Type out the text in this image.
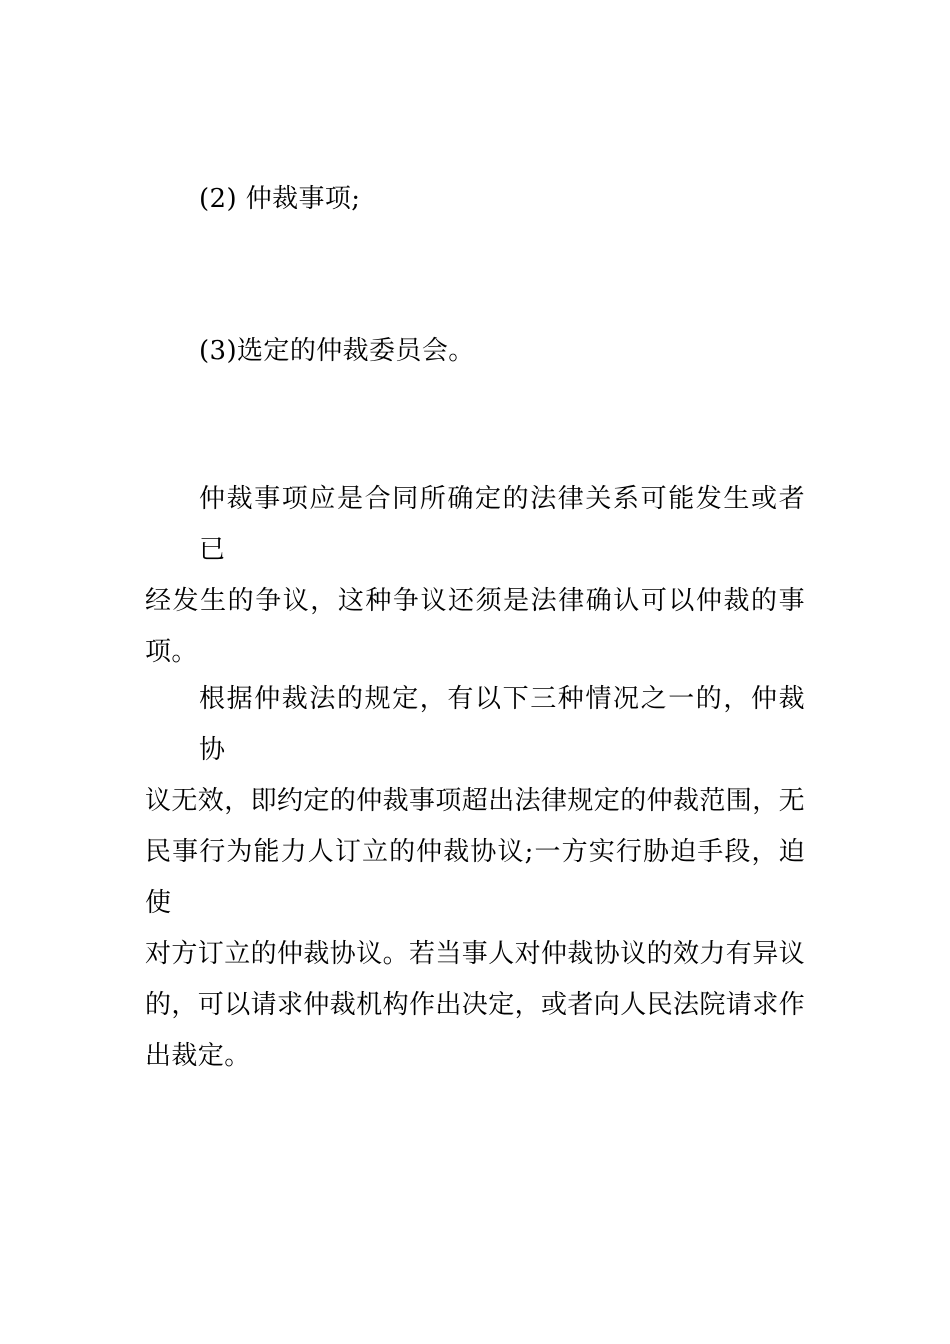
(2) 仲裁事项;

(3)选定的仲裁委员会。

仲裁事项应是合同所确定的法律关系可能发生或者已
经发生的争议，这种争议还须是法律确认可以仲裁的事项。

根据仲裁法的规定，有以下三种情况之一的，仲裁协
议无效，即约定的仲裁事项超出法律规定的仲裁范围，无
民事行为能力人订立的仲裁协议;一方实行胁迫手段，迫使
对方订立的仲裁协议。若当事人对仲裁协议的效力有异议
的，可以请求仲裁机构作出决定，或者向人民法院请求作
出裁定。
